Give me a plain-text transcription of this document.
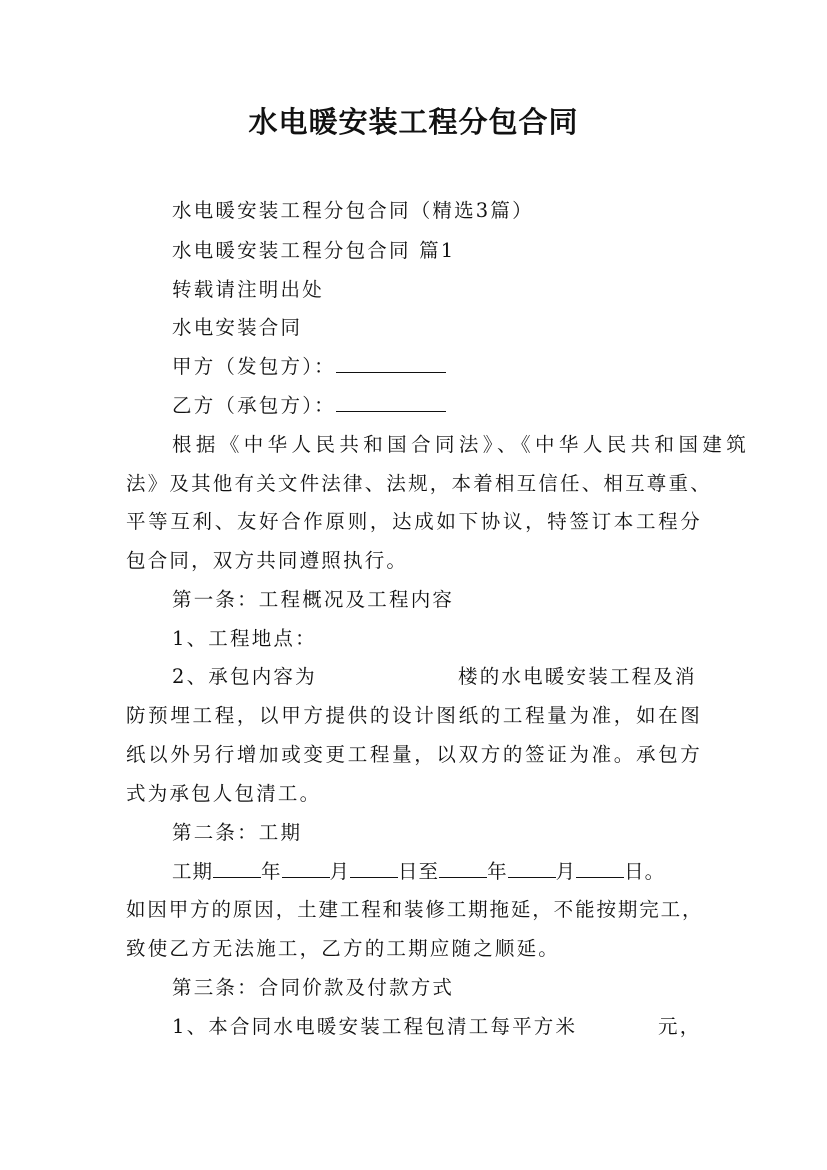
水电暖安装工程分包合同
水电暖安装工程分包合同（精选3篇）
水电暖安装工程分包合同 篇1
转载请注明出处
水电安装合同
甲方（发包方）：
乙方（承包方）：
根据《中华人民共和国合同法》、《中华人民共和国建筑
法》及其他有关文件法律、法规，本着相互信任、相互尊重、
平等互利、友好合作原则，达成如下协议，特签订本工程分
包合同，双方共同遵照执行。
第一条：工程概况及工程内容
1、工程地点：
2、承包内容为	楼的水电暖安装工程及消
防预埋工程，以甲方提供的设计图纸的工程量为准，如在图
纸以外另行增加或变更工程量，以双方的签证为准。承包方
式为承包人包清工。
第二条：工期
工期 年 月 日至 年 月 日。
如因甲方的原因，土建工程和装修工期拖延，不能按期完工，
致使乙方无法施工，乙方的工期应随之顺延。
第三条：合同价款及付款方式
1、本合同水电暖安装工程包清工每平方米	元，
